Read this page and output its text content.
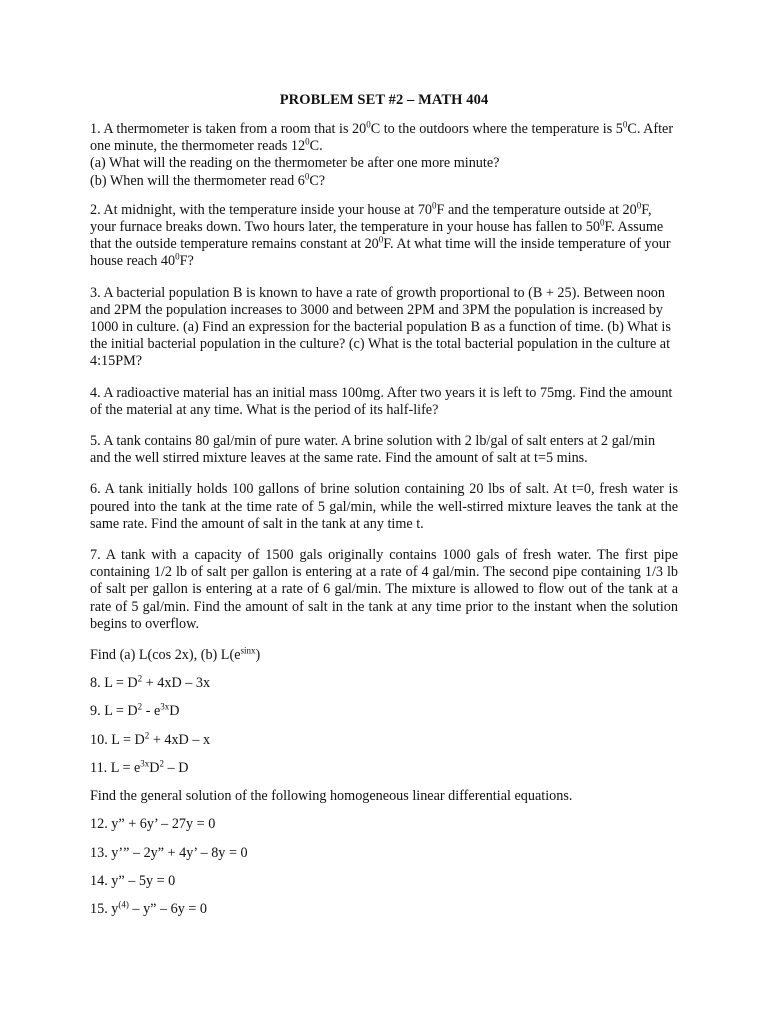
PROBLEM SET #2 – MATH 404
1. A thermometer is taken from a room that is $20^0C$ to the outdoors where the temperature is $5^0C$. After one minute, the thermometer reads $12^0C$.
(a) What will the reading on the thermometer be after one more minute?
(b) When will the thermometer read $6^0C$?
2. At midnight, with the temperature inside your house at $70^0F$ and the temperature outside at $20^0F$, your furnace breaks down. Two hours later, the temperature in your house has fallen to $50^0F$. Assume that the outside temperature remains constant at $20^0F$. At what time will the inside temperature of your house reach $40^0F$?
3. A bacterial population B is known to have a rate of growth proportional to (B + 25). Between noon and 2PM the population increases to 3000 and between 2PM and 3PM the population is increased by 1000 in culture. (a) Find an expression for the bacterial population B as a function of time. (b) What is the initial bacterial population in the culture? (c) What is the total bacterial population in the culture at 4:15PM?
4. A radioactive material has an initial mass 100mg. After two years it is left to 75mg. Find the amount of the material at any time. What is the period of its half-life?
5. A tank contains 80 gal/min of pure water. A brine solution with 2 lb/gal of salt enters at 2 gal/min and the well stirred mixture leaves at the same rate. Find the amount of salt at t=5 mins.
6. A tank initially holds 100 gallons of brine solution containing 20 lbs of salt. At t=0, fresh water is poured into the tank at the time rate of 5 gal/min, while the well-stirred mixture leaves the tank at the same rate. Find the amount of salt in the tank at any time t.
7. A tank with a capacity of 1500 gals originally contains 1000 gals of fresh water. The first pipe containing 1/2 lb of salt per gallon is entering at a rate of 4 gal/min. The second pipe containing 1/3 lb of salt per gallon is entering at a rate of 6 gal/min. The mixture is allowed to flow out of the tank at a rate of 5 gal/min. Find the amount of salt in the tank at any time prior to the instant when the solution begins to overflow.
Find (a) L(cos 2x), (b) $L(e^{sinx})$
8. $L = D^2 + 4xD - 3x$
9. $L = D^2 - e^{3x}D$
10. $L = D^2 + 4xD - x$
11. $L = e^{3x}D^2 - D$
Find the general solution of the following homogeneous linear differential equations.
12. y” + 6y’ – 27y = 0
13. y’” – 2y” + 4y’ – 8y = 0
14. y” – 5y = 0
15. $y^{(4)}$ – y” – 6y = 0
